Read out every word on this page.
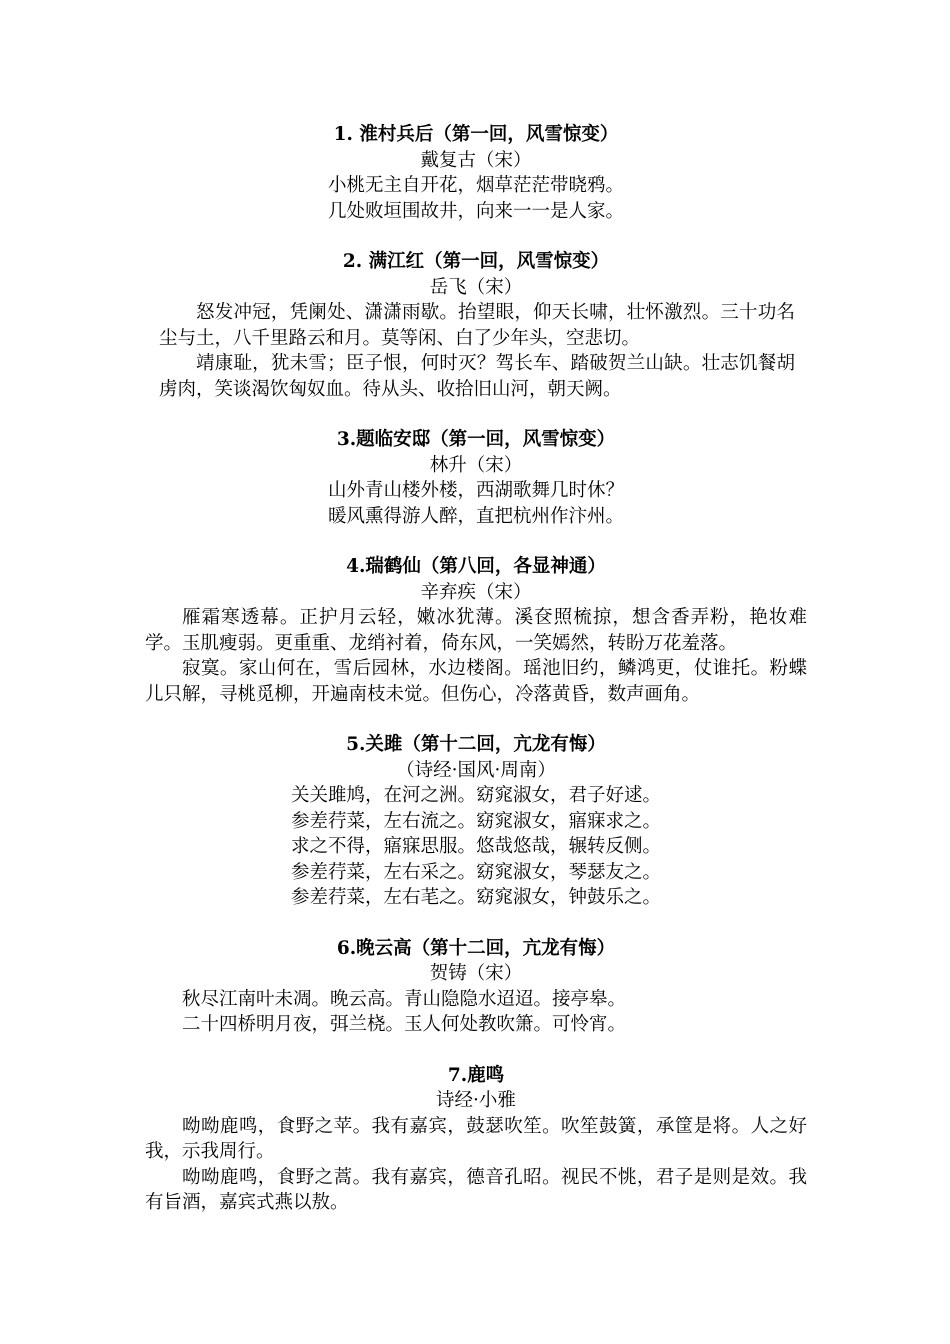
1. 淮村兵后（第一回，风雪惊变）
戴复古（宋）
小桃无主自开花，烟草茫茫带晓鸦。
几处败垣围故井，向来一一是人家。
2. 满江红（第一回，风雪惊变）
岳飞（宋）
怒发冲冠，凭阑处、潇潇雨歇。抬望眼，仰天长啸，壮怀激烈。三十功名尘与土，八千里路云和月。莫等闲、白了少年头，空悲切。
靖康耻，犹未雪；臣子恨，何时灭？驾长车、踏破贺兰山缺。壮志饥餐胡虏肉，笑谈渴饮匈奴血。待从头、收拾旧山河，朝天阙。
3.题临安邸（第一回，风雪惊变）
林升（宋）
山外青山楼外楼，西湖歌舞几时休？
暖风熏得游人醉，直把杭州作汴州。
4.瑞鹤仙（第八回，各显神通）
辛弃疾（宋）
雁霜寒透幕。正护月云轻，嫩冰犹薄。溪奁照梳掠，想含香弄粉，艳妆难学。玉肌瘦弱。更重重、龙绡衬着，倚东风，一笑嫣然，转盼万花羞落。
寂寞。家山何在，雪后园林，水边楼阁。瑶池旧约，鳞鸿更，仗谁托。粉蝶儿只解，寻桃觅柳，开遍南枝未觉。但伤心，冷落黄昏，数声画角。
5.关雎（第十二回，亢龙有悔）
（诗经·国风·周南）
关关雎鸠，在河之洲。窈窕淑女，君子好逑。
参差荇菜，左右流之。窈窕淑女，寤寐求之。
求之不得，寤寐思服。悠哉悠哉，辗转反侧。
参差荇菜，左右采之。窈窕淑女，琴瑟友之。
参差荇菜，左右芼之。窈窕淑女，钟鼓乐之。
6.晚云高（第十二回，亢龙有悔）
贺铸（宋）
秋尽江南叶未凋。晚云高。青山隐隐水迢迢。接亭皋。
二十四桥明月夜，弭兰桡。玉人何处教吹箫。可怜宵。
7.鹿鸣
诗经·小雅
呦呦鹿鸣，食野之苹。我有嘉宾，鼓瑟吹笙。吹笙鼓簧，承筐是将。人之好我，示我周行。
呦呦鹿鸣，食野之蒿。我有嘉宾，德音孔昭。视民不恌，君子是则是效。我有旨酒，嘉宾式燕以敖。
